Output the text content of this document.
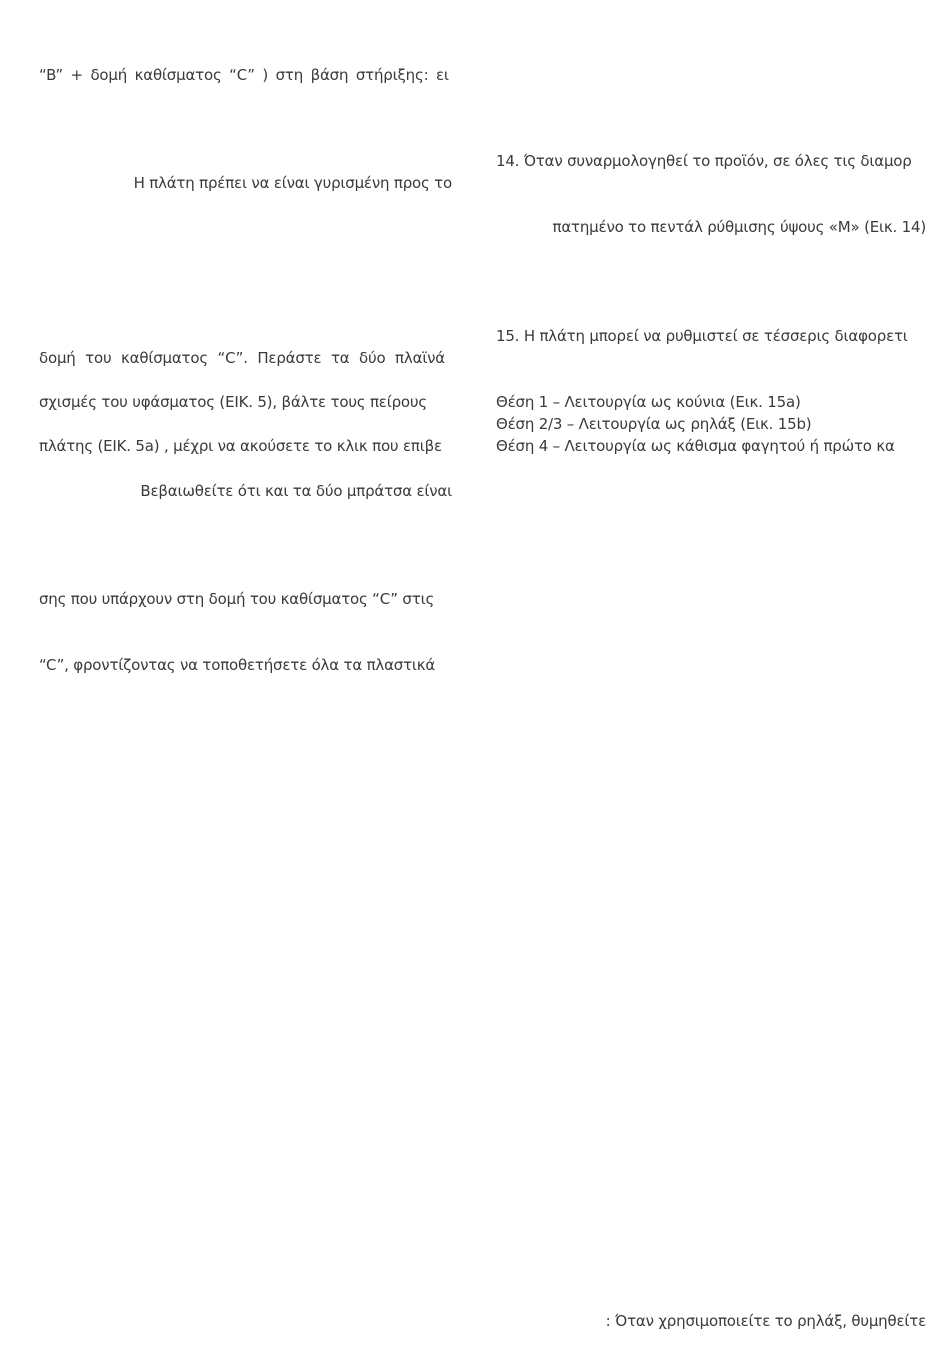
“B” + δομή καθίσματος “C” ) στη βάση στήριξης: ει
Η πλάτη πρέπει να είναι γυρισμένη προς το
δομή του καθίσματος “C”. Περάστε τα δύο πλαϊνά
σχισμές του υφάσματος (ΕΙΚ. 5), βάλτε τους πείρους
πλάτης (ΕΙΚ. 5a) , μέχρι να ακούσετε το κλικ που επιβε
Βεβαιωθείτε ότι και τα δύο μπράτσα είναι
σης που υπάρχουν στη δομή του καθίσματος “C” στις
“C”, φροντίζοντας να τοποθετήσετε όλα τα πλαστικά
14. Όταν συναρμολογηθεί το προϊόν, σε όλες τις διαμορ
πατημένο το πεντάλ ρύθμισης ύψους «M» (Εικ. 14)
15. Η πλάτη μπορεί να ρυθμιστεί σε τέσσερις διαφορετι
Θέση 1 – Λειτουργία ως κούνια (Εικ. 15a)
Θέση 2/3 – Λειτουργία ως ρηλάξ (Εικ. 15b)
Θέση 4 – Λειτουργία ως κάθισμα φαγητού ή πρώτο κα
: Όταν χρησιμοποιείτε το ρηλάξ, θυμηθείτε
